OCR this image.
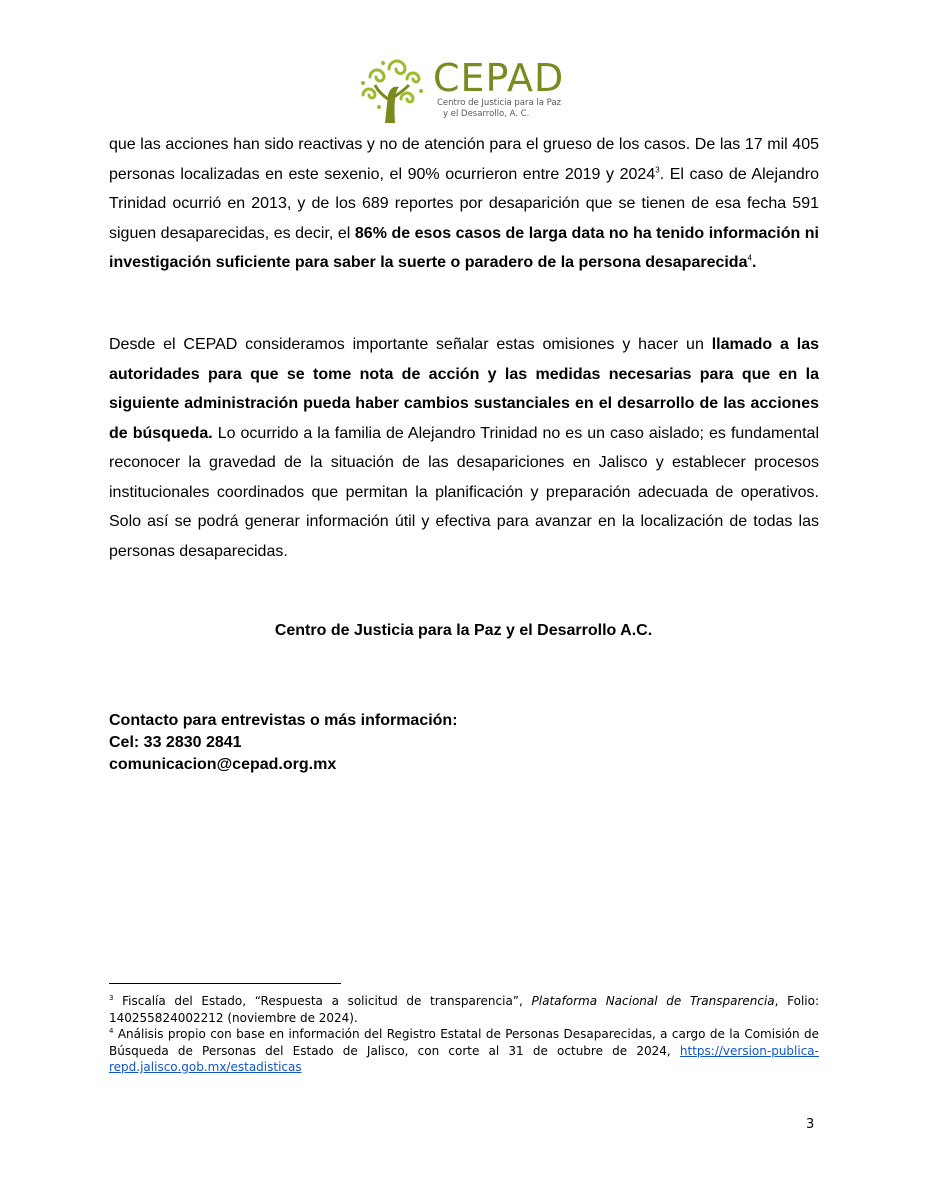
CEPAD
Centro de Justicia para la Paz
y el Desarrollo, A. C.
que las acciones han sido reactivas y no de atención para el grueso de los casos. De las 17 mil 405 personas localizadas en este sexenio, el 90% ocurrieron entre 2019 y 2024$^3$. El caso de Alejandro Trinidad ocurrió en 2013, y de los 689 reportes por desaparición que se tienen de esa fecha 591 siguen desaparecidas, es decir, el 86% de esos casos de larga data no ha tenido información ni investigación suficiente para saber la suerte o paradero de la persona desaparecida$^4$.
Desde el CEPAD consideramos importante señalar estas omisiones y hacer un llamado a las autoridades para que se tome nota de acción y las medidas necesarias para que en la siguiente administración pueda haber cambios sustanciales en el desarrollo de las acciones de búsqueda. Lo ocurrido a la familia de Alejandro Trinidad no es un caso aislado; es fundamental reconocer la gravedad de la situación de las desapariciones en Jalisco y establecer procesos institucionales coordinados que permitan la planificación y preparación adecuada de operativos. Solo así se podrá generar información útil y efectiva para avanzar en la localización de todas las personas desaparecidas.
Centro de Justicia para la Paz y el Desarrollo A.C.
Contacto para entrevistas o más información:
Cel: 33 2830 2841
comunicacion@cepad.org.mx

$^3$ Fiscalía del Estado, “Respuesta a solicitud de transparencia”, Plataforma Nacional de Transparencia, Folio: 140255824002212 (noviembre de 2024).

$^4$ Análisis propio con base en información del Registro Estatal de Personas Desaparecidas, a cargo de la Comisión de Búsqueda de Personas del Estado de Jalisco, con corte al 31 de octubre de 2024, https://version-publica-repd.jalisco.gob.mx/estadisticas

3
